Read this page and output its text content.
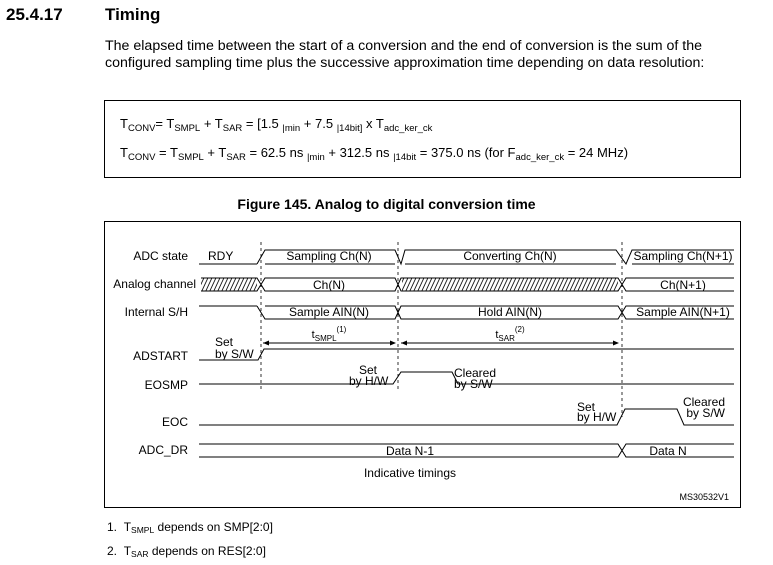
25.4.17 Timing
The elapsed time between the start of a conversion and the end of conversion is the sum of the configured sampling time plus the successive approximation time depending on data resolution:
$T_{CONV}= T_{SMPL} + T_{SAR} = [1.5$ $_{|min}$ + 7.5 $_{|14bit]}$ x $T_{adc\_ker\_ck}$
$T_{CONV} = T_{SMPL} + T_{SAR} = 62.5$ ns $_{|min}$ + 312.5 ns $_{|14bit}$ = 375.0 ns (for $F_{adc\_ker\_ck} = 24$ MHz)
Figure 145. Analog to digital conversion time
ADC state
Analog channel
Internal S/H
ADSTART
EOSMP
EOC
ADC_DR
RDY	Sampling Ch(N)	Converting Ch(N)	Sampling Ch(N+1)
Ch(N)	Ch(N+1)
Sample AIN(N)	Hold AIN(N)	Sample AIN(N+1)
tSMPL(1)	tSAR(2)
Set
by S/W
Set
by H/W
Cleared
by S/W
Set
by H/W
Cleared
by S/W
Data N-1	Data N
Indicative timings
MS30532V1
1. $T_{SMPL}$ depends on SMP[2:0]
2. $T_{SAR}$ depends on RES[2:0]
